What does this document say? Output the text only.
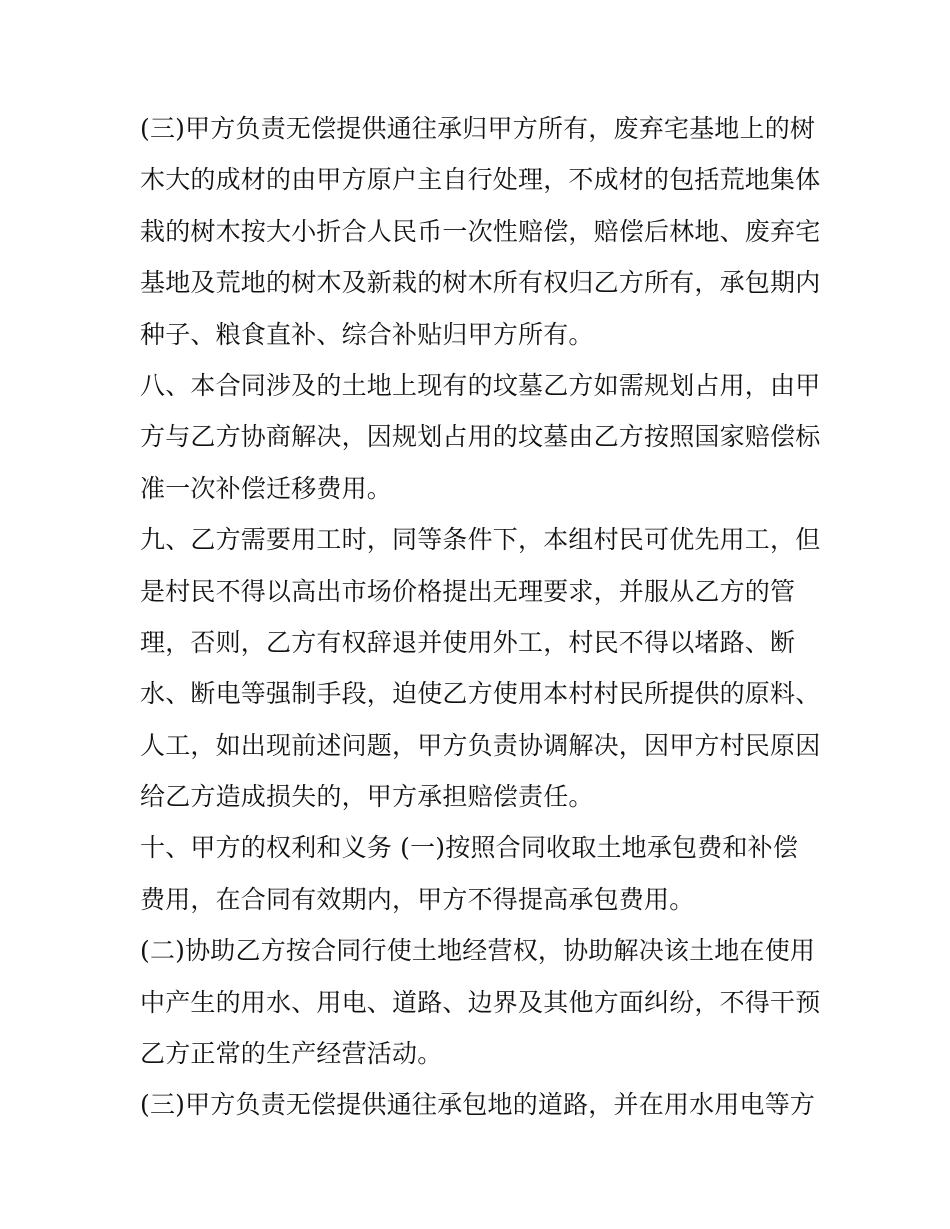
(三)甲方负责无偿提供通往承归甲方所有，废弃宅基地上的树
木大的成材的由甲方原户主自行处理，不成材的包括荒地集体
栽的树木按大小折合人民币一次性赔偿，赔偿后林地、废弃宅
基地及荒地的树木及新栽的树木所有权归乙方所有，承包期内
种子、粮食直补、综合补贴归甲方所有。
八、本合同涉及的土地上现有的坟墓乙方如需规划占用，由甲
方与乙方协商解决，因规划占用的坟墓由乙方按照国家赔偿标
准一次补偿迁移费用。
九、乙方需要用工时，同等条件下，本组村民可优先用工，但
是村民不得以高出市场价格提出无理要求，并服从乙方的管
理，否则，乙方有权辞退并使用外工，村民不得以堵路、断
水、断电等强制手段，迫使乙方使用本村村民所提供的原料、
人工，如出现前述问题，甲方负责协调解决，因甲方村民原因
给乙方造成损失的，甲方承担赔偿责任。
十、甲方的权利和义务 (一)按照合同收取土地承包费和补偿
费用，在合同有效期内，甲方不得提高承包费用。
(二)协助乙方按合同行使土地经营权，协助解决该土地在使用
中产生的用水、用电、道路、边界及其他方面纠纷，不得干预
乙方正常的生产经营活动。
(三)甲方负责无偿提供通往承包地的道路，并在用水用电等方
